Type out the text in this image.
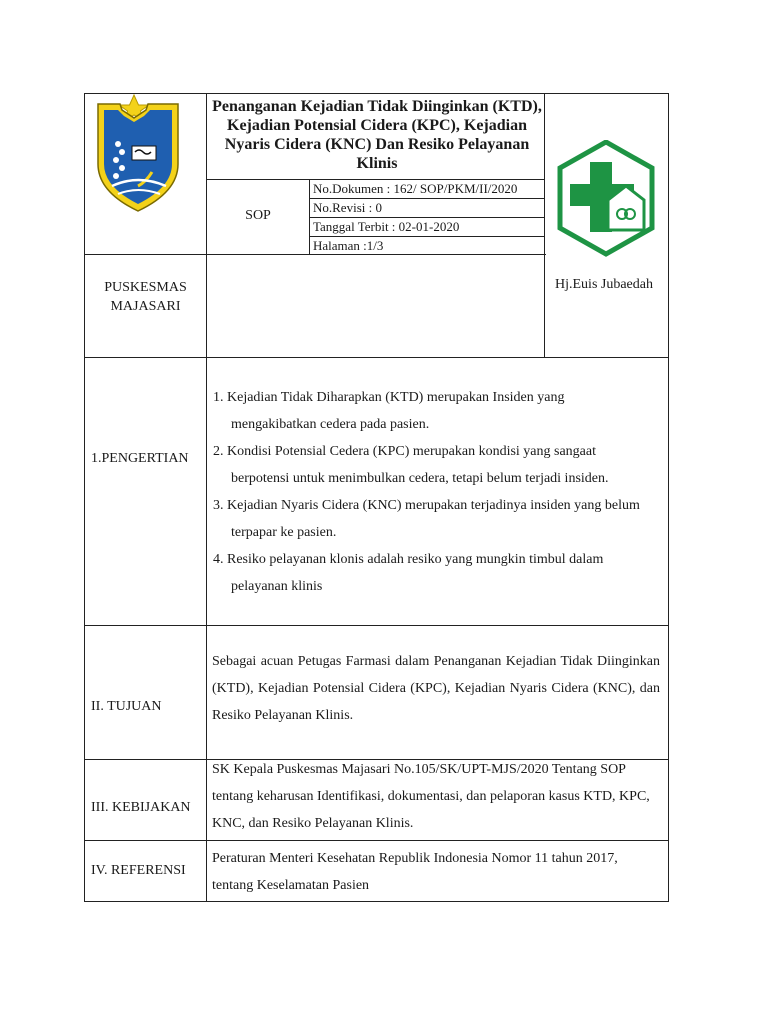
Penanganan Kejadian Tidak Diinginkan (KTD), Kejadian Potensial Cidera (KPC), Kejadian Nyaris Cidera (KNC) Dan Resiko Pelayanan Klinis
SOP
No.Dokumen : 162/ SOP/PKM/II/2020
No.Revisi : 0
Tanggal Terbit : 02-01-2020
Halaman :1/3
PUSKESMAS
MAJASARI
Hj.Euis Jubaedah
1.PENGERTIAN
1. Kejadian Tidak Diharapkan (KTD) merupakan Insiden yang mengakibatkan cedera pada pasien.
2. Kondisi Potensial Cedera (KPC) merupakan kondisi yang sangaat berpotensi untuk menimbulkan cedera, tetapi belum terjadi insiden.
3. Kejadian Nyaris Cidera (KNC) merupakan terjadinya insiden yang belum terpapar ke pasien.
4. Resiko pelayanan klonis adalah resiko yang mungkin timbul dalam pelayanan klinis
II. TUJUAN
Sebagai acuan Petugas Farmasi dalam Penanganan Kejadian Tidak Diinginkan (KTD), Kejadian Potensial Cidera (KPC), Kejadian Nyaris Cidera (KNC), dan Resiko Pelayanan Klinis.
III. KEBIJAKAN
SK Kepala Puskesmas Majasari No.105/SK/UPT-MJS/2020 Tentang SOP tentang keharusan Identifikasi, dokumentasi, dan pelaporan kasus KTD, KPC, KNC, dan Resiko Pelayanan Klinis.
IV. REFERENSI
Peraturan Menteri Kesehatan Republik Indonesia Nomor 11 tahun 2017, tentang Keselamatan Pasien
